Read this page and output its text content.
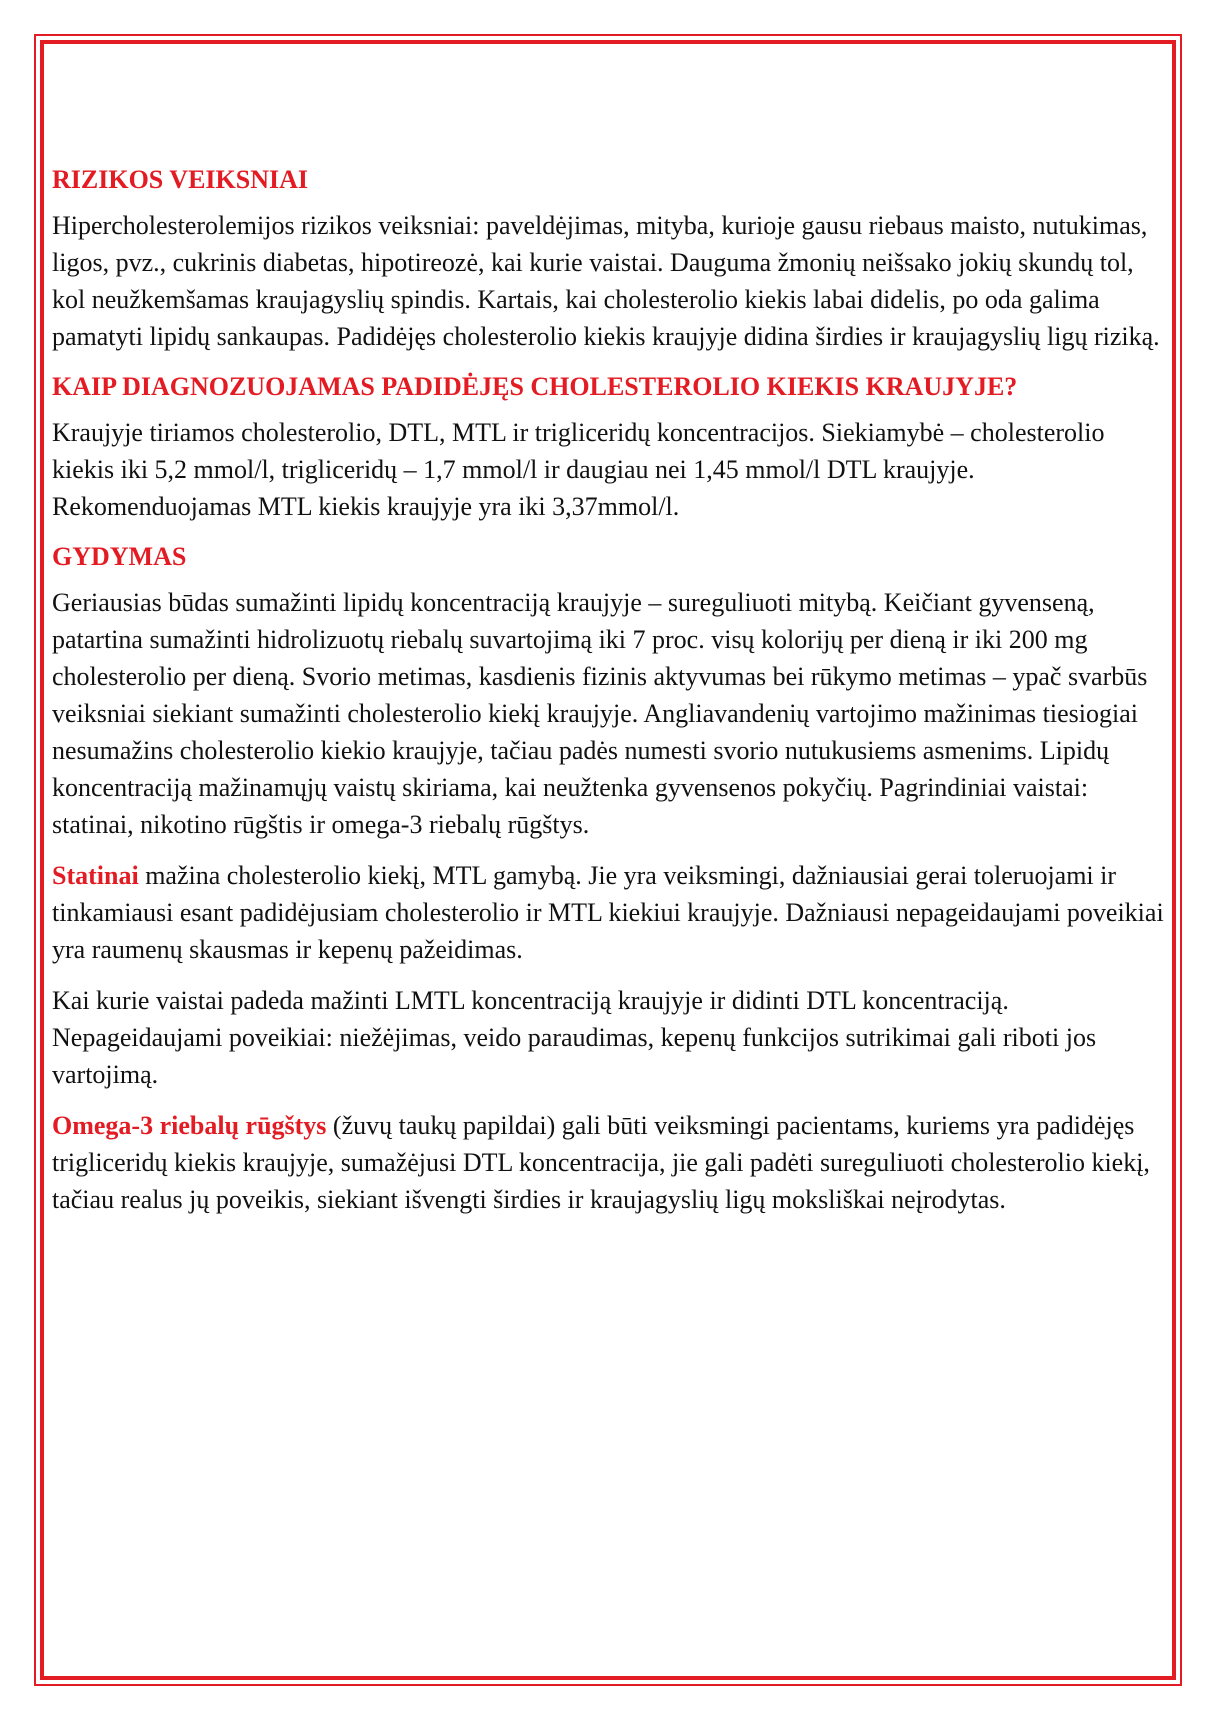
RIZIKOS VEIKSNIAI

Hipercholesterolemijos rizikos veiksniai: paveldėjimas, mityba, kurioje gausu riebaus maisto, nutukimas, ligos, pvz., cukrinis diabetas, hipotireozė, kai kurie vaistai. Dauguma žmonių neišsako jokių skundų tol, kol neužkemšamas kraujagyslių spindis. Kartais, kai cholesterolio kiekis labai didelis, po oda galima pamatyti lipidų sankaupas. Padidėjęs cholesterolio kiekis kraujyje didina širdies ir kraujagyslių ligų riziką.

KAIP DIAGNOZUOJAMAS PADIDĖJĘS CHOLESTEROLIO KIEKIS KRAUJYJE?

Kraujyje tiriamos cholesterolio, DTL, MTL ir trigliceridų koncentracijos. Siekiamybė – cholesterolio kiekis iki 5,2 mmol/l, trigliceridų – 1,7 mmol/l ir daugiau nei 1,45 mmol/l DTL kraujyje. Rekomenduojamas MTL kiekis kraujyje yra iki 3,37mmol/l.

GYDYMAS

Geriausias būdas sumažinti lipidų koncentraciją kraujyje – sureguliuoti mitybą. Keičiant gyvenseną, patartina sumažinti hidrolizuotų riebalų suvartojimą iki 7 proc. visų kolorijų per dieną ir iki 200 mg cholesterolio per dieną. Svorio metimas, kasdienis fizinis aktyvumas bei rūkymo metimas – ypač svarbūs veiksniai siekiant sumažinti cholesterolio kiekį kraujyje. Angliavandenių vartojimo mažinimas tiesiogiai nesumažins cholesterolio kiekio kraujyje, tačiau padės numesti svorio nutukusiems asmenims. Lipidų koncentraciją mažinamųjų vaistų skiriama, kai neužtenka gyvensenos pokyčių. Pagrindiniai vaistai: statinai, nikotino rūgštis ir omega-3 riebalų rūgštys.

Statinai mažina cholesterolio kiekį, MTL gamybą. Jie yra veiksmingi, dažniausiai gerai toleruojami ir tinkamiausi esant padidėjusiam cholesterolio ir MTL kiekiui kraujyje. Dažniausi nepageidaujami poveikiai yra raumenų skausmas ir kepenų pažeidimas.

Kai kurie vaistai padeda mažinti LMTL koncentraciją kraujyje ir didinti DTL koncentraciją. Nepageidaujami poveikiai: niežėjimas, veido paraudimas, kepenų funkcijos sutrikimai gali riboti jos vartojimą.

Omega-3 riebalų rūgštys (žuvų taukų papildai) gali būti veiksmingi pacientams, kuriems yra padidėjęs trigliceridų kiekis kraujyje, sumažėjusi DTL koncentracija, jie gali padėti sureguliuoti cholesterolio kiekį, tačiau realus jų poveikis, siekiant išvengti širdies ir kraujagyslių ligų moksliškai neįrodytas.
